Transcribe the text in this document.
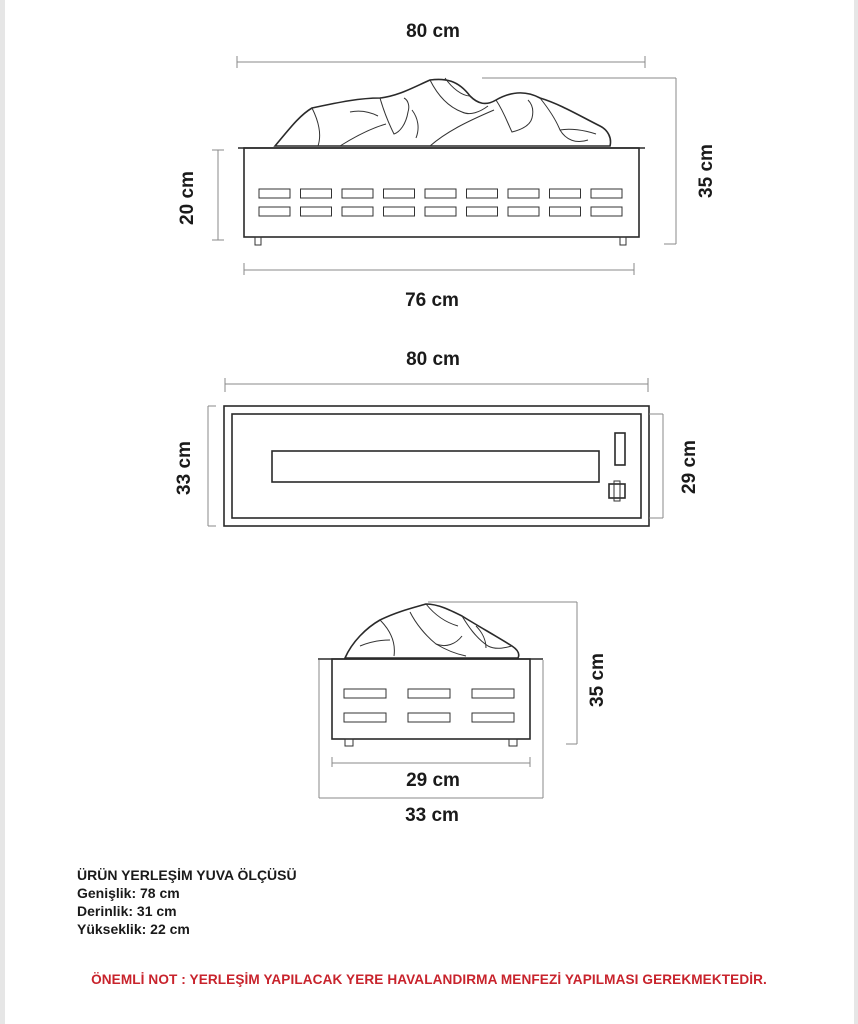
80 cm
76 cm
20 cm
35 cm
80 cm
33 cm	29 cm
35 cm
29 cm
33 cm
ÜRÜN YERLEŞİM YUVA ÖLÇÜSÜ
Genişlik: 78 cm
Derinlik: 31 cm
Yükseklik: 22 cm
ÖNEMLİ NOT : YERLEŞİM YAPILACAK YERE HAVALANDIRMA MENFEZİ YAPILMASI GEREKMEKTEDİR.
